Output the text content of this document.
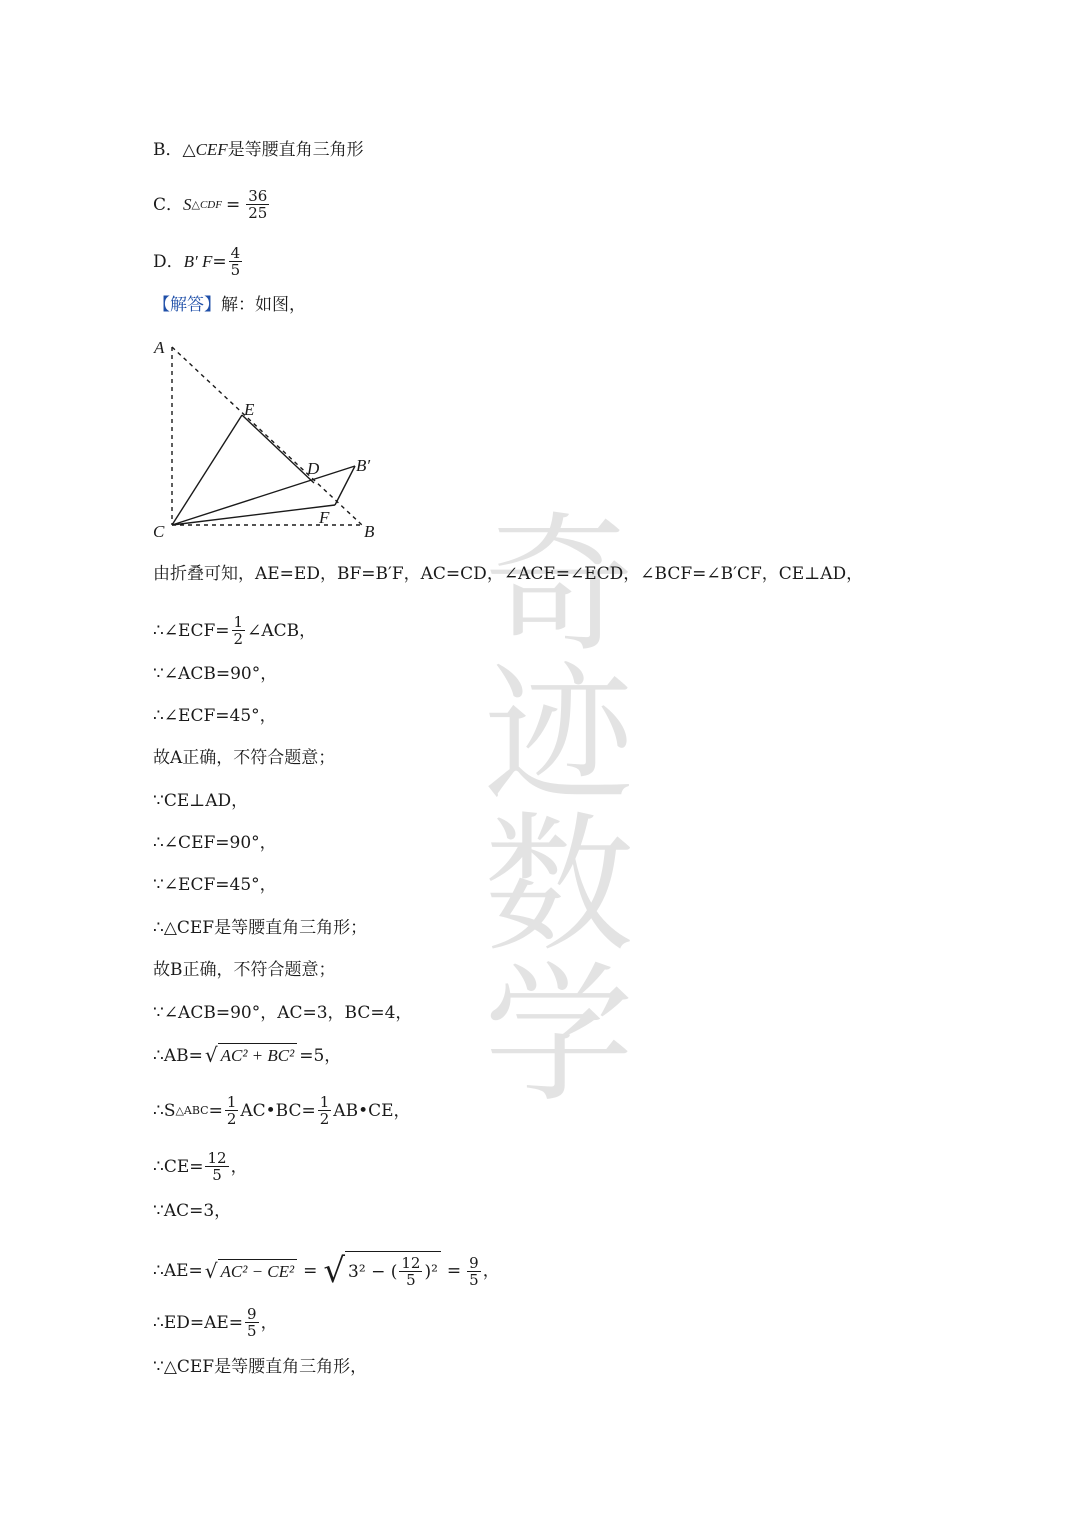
奇迹数学
B． △ CEF 是等腰直角三角形
C． S △CDF = $\frac{36}{25}$
D． B′ $F = \frac{4}{5}$
【解答】 解：如图，
A
E
D B′
C
F
B
由折叠可知，AE=ED，BF=B′F，AC=CD，∠ACE=∠ECD，∠BCF=∠B′CF，CE⊥AD，
∴∠ECF= $\frac{1}{2}$ ∠ACB，
∵∠ACB=90°，
∴∠ECF=45°，
故A正确，不符合题意；
∵CE⊥AD，
∴∠CEF=90°，
∵∠ECF=45°，
∴△CEF是等腰直角三角形；
故B正确，不符合题意；
∵∠ACB=90°，AC=3，BC=4，
∴AB= √ AC² + BC² =5，
∴S △ABC = $\frac{1}{2}$ AC•BC= $\frac{1}{2}$ AB•CE，
∴CE= $\frac{12}{5}$ ，
∵AC=3，
∴AE= √ AC² − CE² = √ 3² − ( $\frac{12}{5} )^2 = \frac{9}{5}$ ，
∴ED=AE= $\frac{9}{5}$ ，
∵△CEF是等腰直角三角形，
